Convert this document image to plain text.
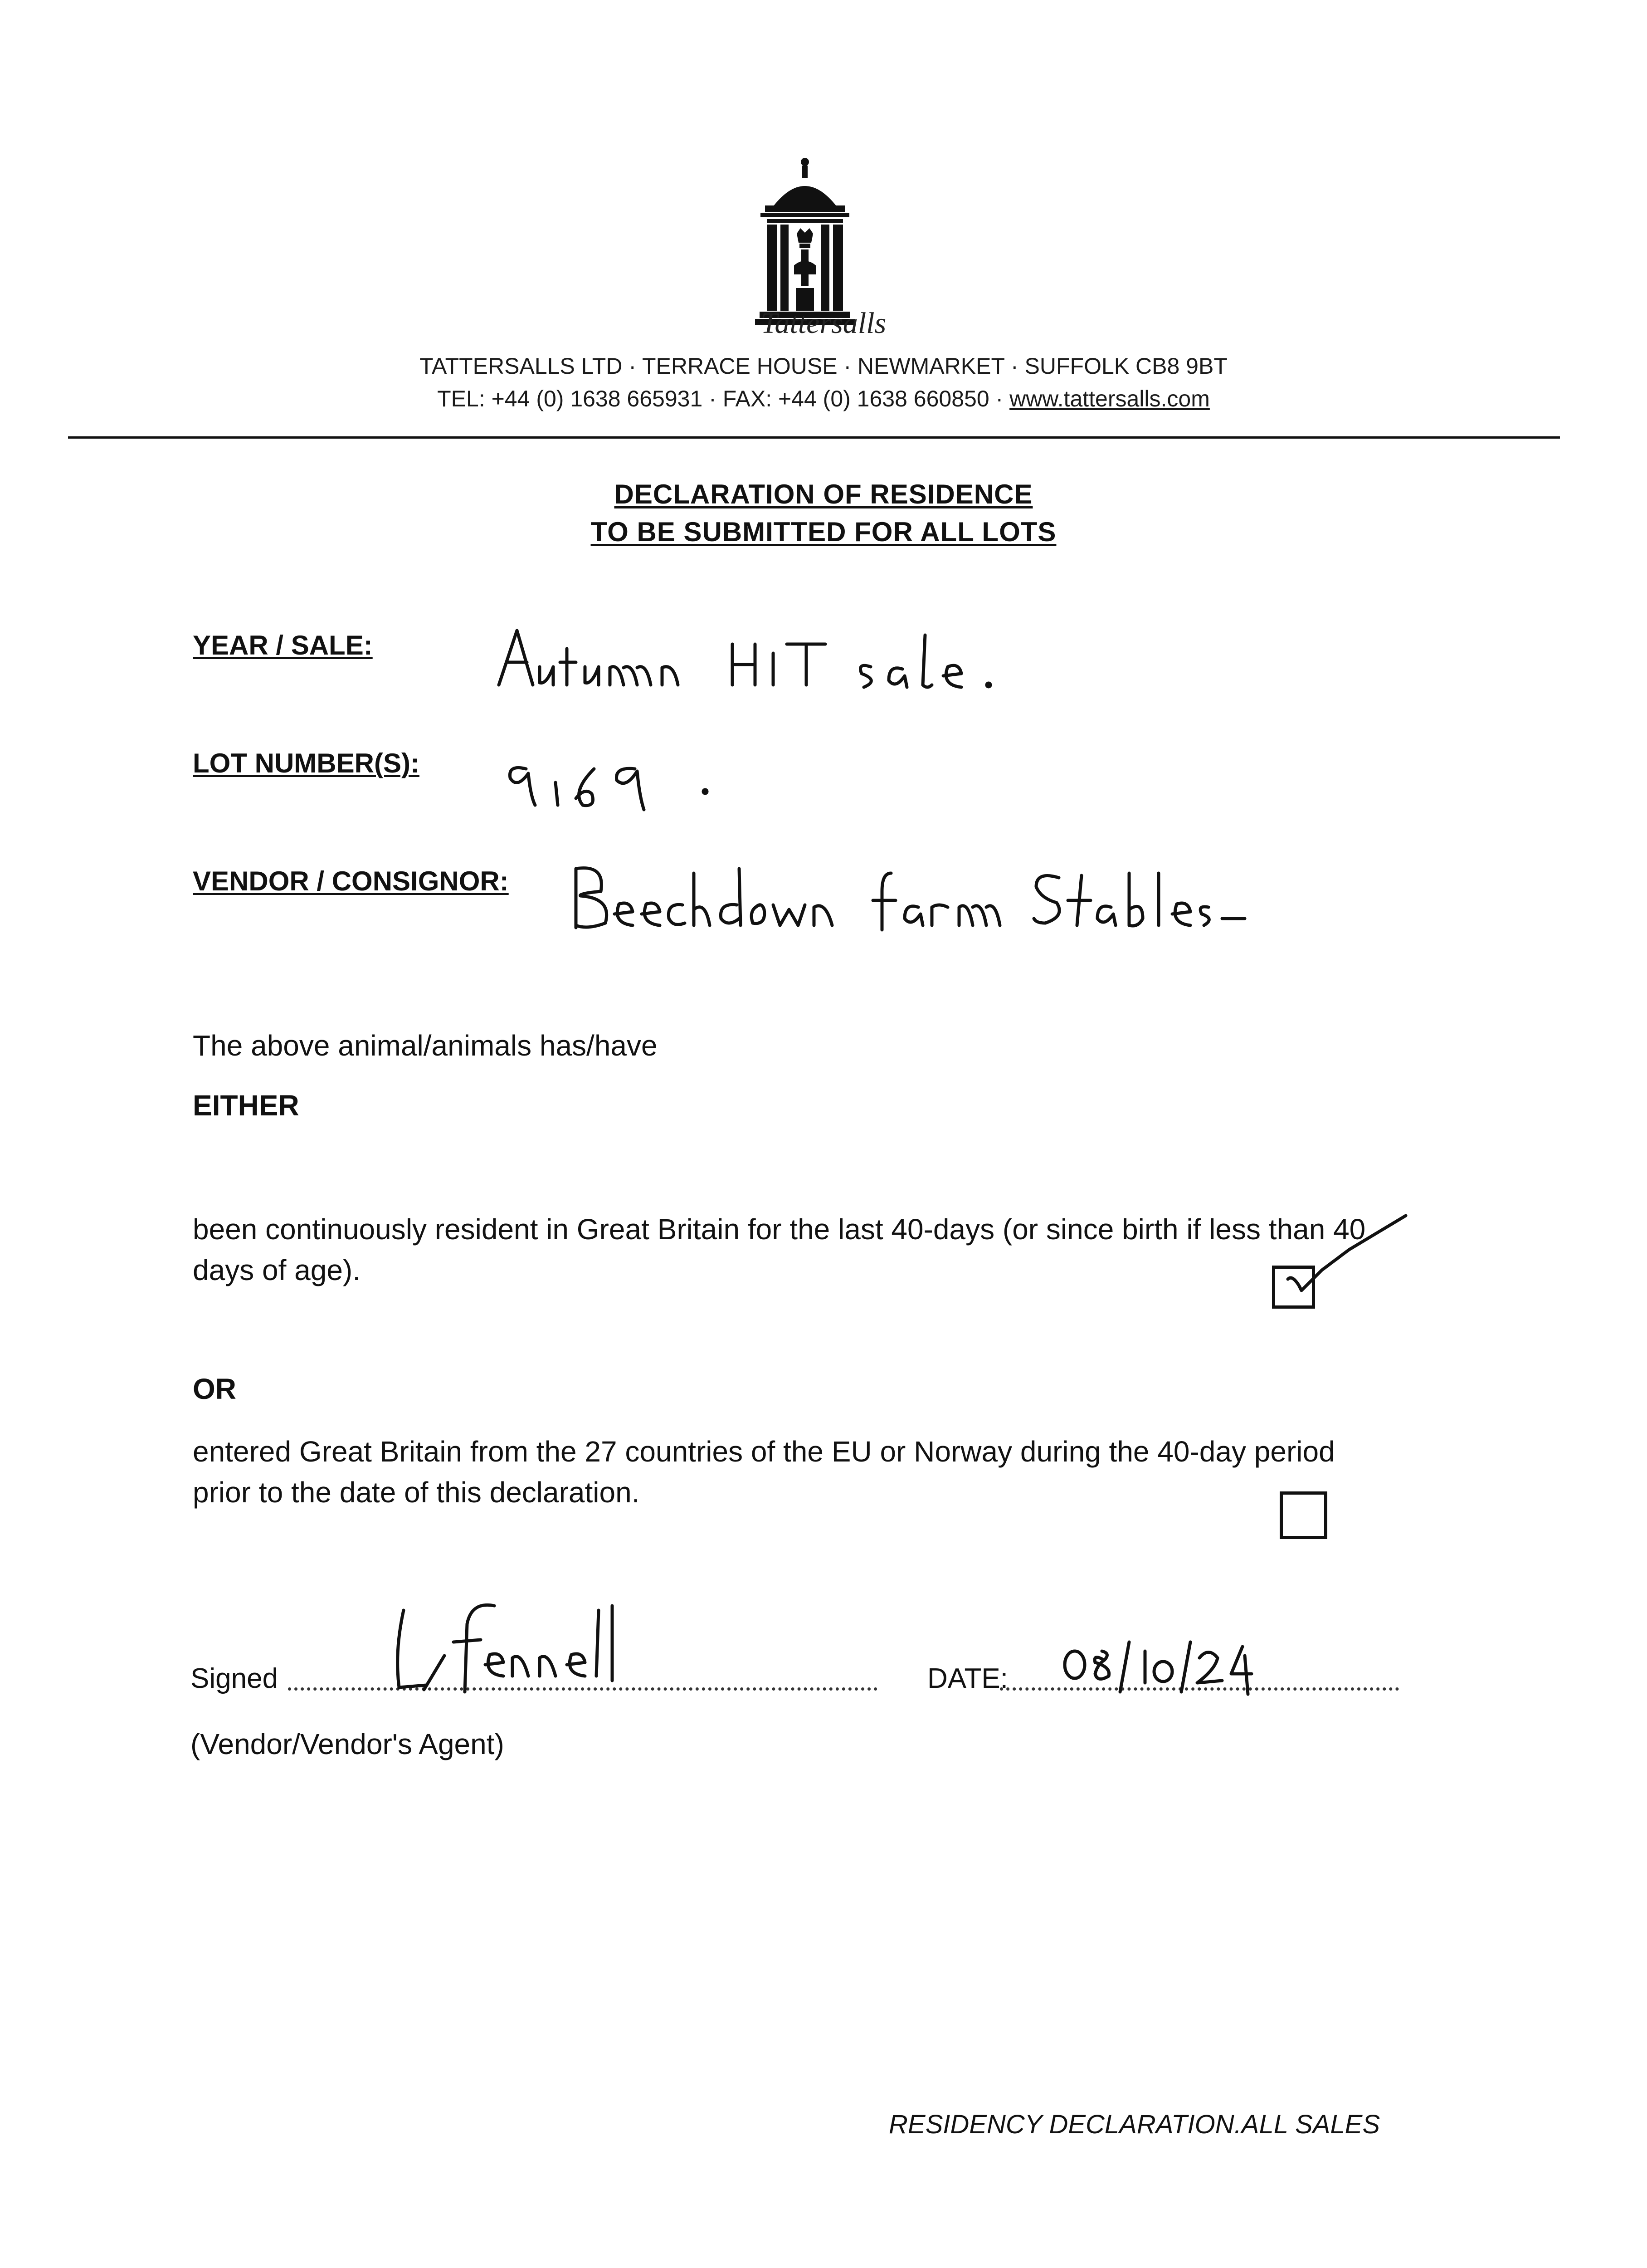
Tattersalls
TATTERSALLS LTD · TERRACE HOUSE · NEWMARKET · SUFFOLK CB8 9BT
TEL: +44 (0) 1638 665931 · FAX: +44 (0) 1638 660850 · www.tattersalls.com
DECLARATION OF RESIDENCE
TO BE SUBMITTED FOR ALL LOTS
YEAR / SALE:
LOT NUMBER(S):
VENDOR / CONSIGNOR:
The above animal/animals has/have
EITHER
been continuously resident in Great Britain for the last 40-days (or since birth if less than 40
days of age).
OR
entered Great Britain from the 27 countries of the EU or Norway during the 40-day period
prior to the date of this declaration.
Signed	DATE:
(Vendor/Vendor's Agent)
RESIDENCY DECLARATION.ALL SALES
